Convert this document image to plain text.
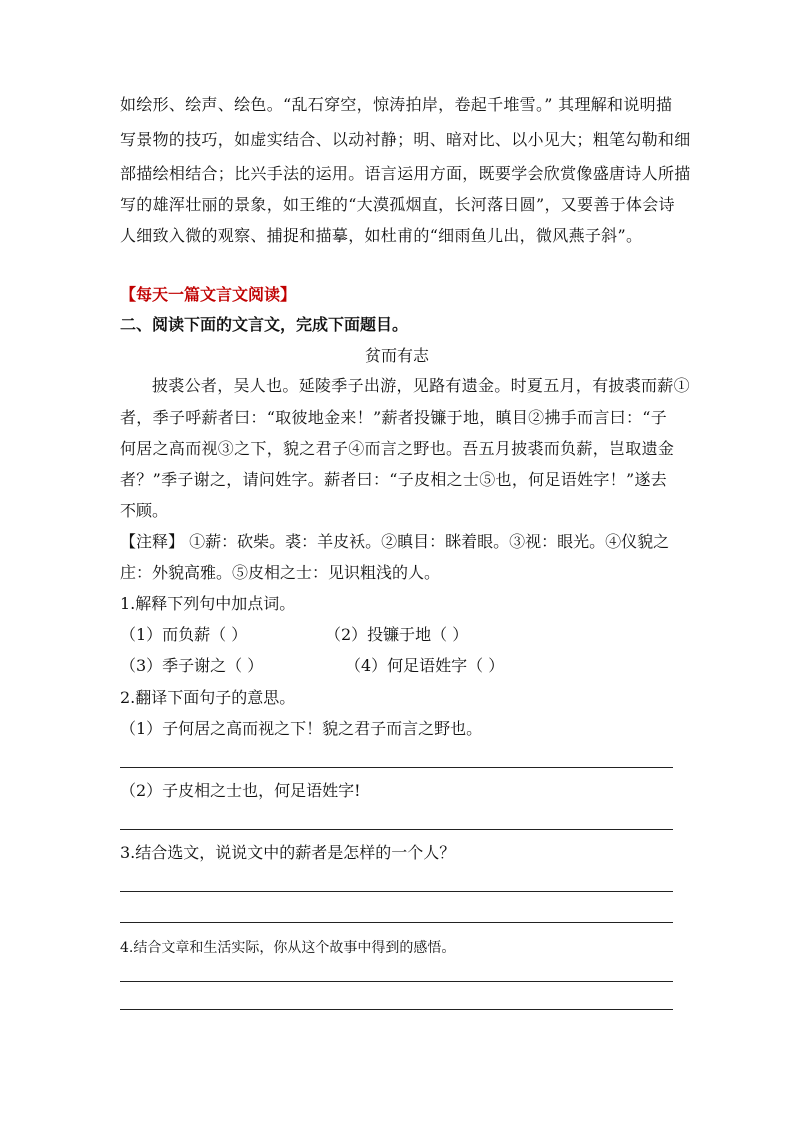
如绘形、绘声、绘色。“乱石穿空，惊涛拍岸，卷起千堆雪。” 其理解和说明描
写景物的技巧，如虚实结合、以动衬静；明、暗对比、以小见大；粗笔勾勒和细
部描绘相结合；比兴手法的运用。语言运用方面，既要学会欣赏像盛唐诗人所描
写的雄浑壮丽的景象，如王维的“大漠孤烟直，长河落日圆”，又要善于体会诗
人细致入微的观察、捕捉和描摹，如杜甫的“细雨鱼儿出，微风燕子斜”。
【每天一篇文言文阅读】
二、阅读下面的文言文，完成下面题目。
贫而有志
披裘公者，吴人也。延陵季子出游，见路有遗金。时夏五月，有披裘而薪①
者，季子呼薪者曰：“取彼地金来！”薪者投镰于地，瞋目②拂手而言曰：“子
何居之高而视③之下，貌之君子④而言之野也。吾五月披裘而负薪，岂取遗金
者？”季子谢之，请问姓字。薪者曰：“子皮相之士⑤也，何足语姓字！”遂去
不顾。
【注释】 ①薪：砍柴。裘：羊皮袄。②瞋目：眯着眼。③视：眼光。④仪貌之
庄：外貌高雅。⑤皮相之士：见识粗浅的人。
1.解释下列句中加点词。
（1）而负薪（ ）	（2）投镰于地（ ）
（3）季子谢之（ ）	（4）何足语姓字（ ）
2.翻译下面句子的意思。
（1）子何居之高而视之下！貌之君子而言之野也。
（2）子皮相之士也，何足语姓字!
3.结合选文，说说文中的薪者是怎样的一个人？
4.结合文章和生活实际，你从这个故事中得到的感悟。
